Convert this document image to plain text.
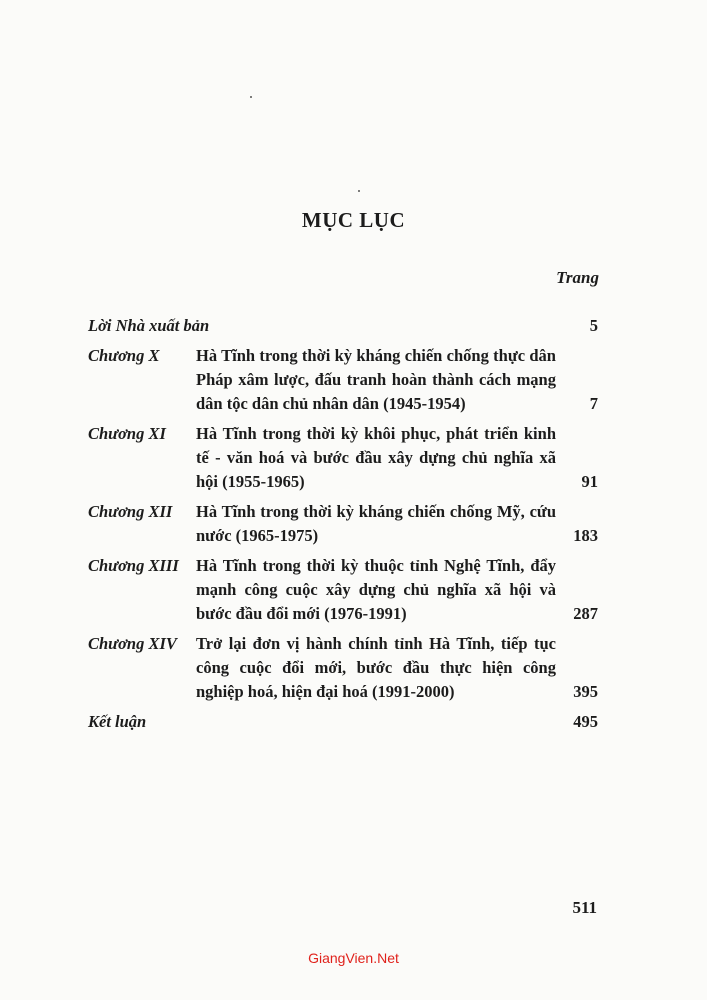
MỤC LỤC
Trang
Lời Nhà xuất bản	5
Chương X Hà Tĩnh trong thời kỳ kháng chiến chống thực dân Pháp xâm lược, đấu tranh hoàn thành cách mạng dân tộc dân chủ nhân dân (1945-1954)	7
Chương XI Hà Tĩnh trong thời kỳ khôi phục, phát triển kinh tế - văn hoá và bước đầu xây dựng chủ nghĩa xã hội (1955-1965)	91
Chương XII Hà Tĩnh trong thời kỳ kháng chiến chống Mỹ, cứu nước (1965-1975)	183
Chương XIII Hà Tĩnh trong thời kỳ thuộc tỉnh Nghệ Tĩnh, đẩy mạnh công cuộc xây dựng chủ nghĩa xã hội và bước đầu đổi mới (1976-1991)	287
Chương XIV Trở lại đơn vị hành chính tỉnh Hà Tĩnh, tiếp tục công cuộc đổi mới, bước đầu thực hiện công nghiệp hoá, hiện đại hoá (1991-2000)	395
Kết luận	495
511
GiangVien.Net
